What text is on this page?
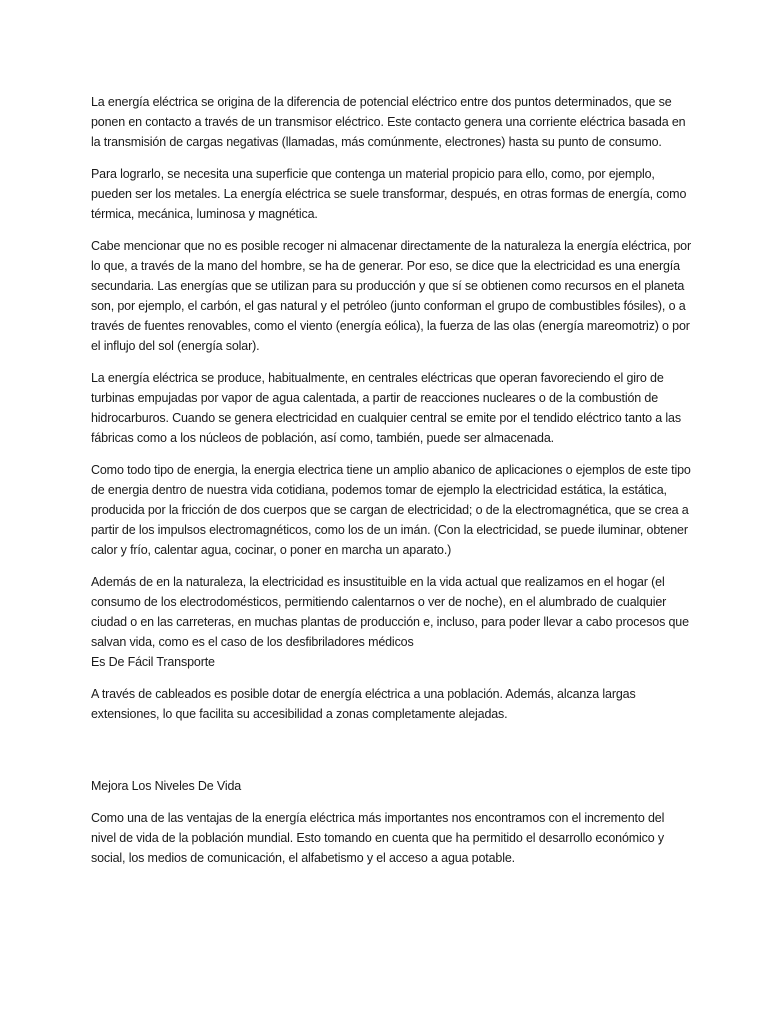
La energía eléctrica se origina de la diferencia de potencial eléctrico entre dos puntos determinados, que se ponen en contacto a través de un transmisor eléctrico. Este contacto genera una corriente eléctrica basada en la transmisión de cargas negativas (llamadas, más comúnmente, electrones) hasta su punto de consumo.

Para lograrlo, se necesita una superficie que contenga un material propicio para ello, como, por ejemplo, pueden ser los metales. La energía eléctrica se suele transformar, después, en otras formas de energía, como térmica, mecánica, luminosa y magnética.

Cabe mencionar que no es posible recoger ni almacenar directamente de la naturaleza la energía eléctrica, por lo que, a través de la mano del hombre, se ha de generar. Por eso, se dice que la electricidad es una energía secundaria. Las energías que se utilizan para su producción y que sí se obtienen como recursos en el planeta son, por ejemplo, el carbón, el gas natural y el petróleo (junto conforman el grupo de combustibles fósiles), o a través de fuentes renovables, como el viento (energía eólica), la fuerza de las olas (energía mareomotriz) o por el influjo del sol (energía solar).

La energía eléctrica se produce, habitualmente, en centrales eléctricas que operan favoreciendo el giro de turbinas empujadas por vapor de agua calentada, a partir de reacciones nucleares o de la combustión de hidrocarburos. Cuando se genera electricidad en cualquier central se emite por el tendido eléctrico tanto a las fábricas como a los núcleos de población, así como, también, puede ser almacenada.

Como todo tipo de energia, la energia electrica tiene un amplio abanico de aplicaciones o ejemplos de este tipo de energia dentro de nuestra vida cotidiana, podemos tomar de ejemplo la electricidad estática, la estática, producida por la fricción de dos cuerpos que se cargan de electricidad; o de la electromagnética, que se crea a partir de los impulsos electromagnéticos, como los de un imán. (Con la electricidad, se puede iluminar, obtener calor y frío, calentar agua, cocinar, o poner en marcha un aparato.)

Además de en la naturaleza, la electricidad es insustituible en la vida actual que realizamos en el hogar (el consumo de los electrodomésticos, permitiendo calentarnos o ver de noche), en el alumbrado de cualquier ciudad o en las carreteras, en muchas plantas de producción e, incluso, para poder llevar a cabo procesos que salvan vida, como es el caso de los desfibriladores médicos

Es De Fácil Transporte

A través de cableados es posible dotar de energía eléctrica a una población. Además, alcanza largas extensiones, lo que facilita su accesibilidad a zonas completamente alejadas.

Mejora Los Niveles De Vida

Como una de las ventajas de la energía eléctrica más importantes nos encontramos con el incremento del nivel de vida de la población mundial. Esto tomando en cuenta que ha permitido el desarrollo económico y social, los medios de comunicación, el alfabetismo y el acceso a agua potable.
